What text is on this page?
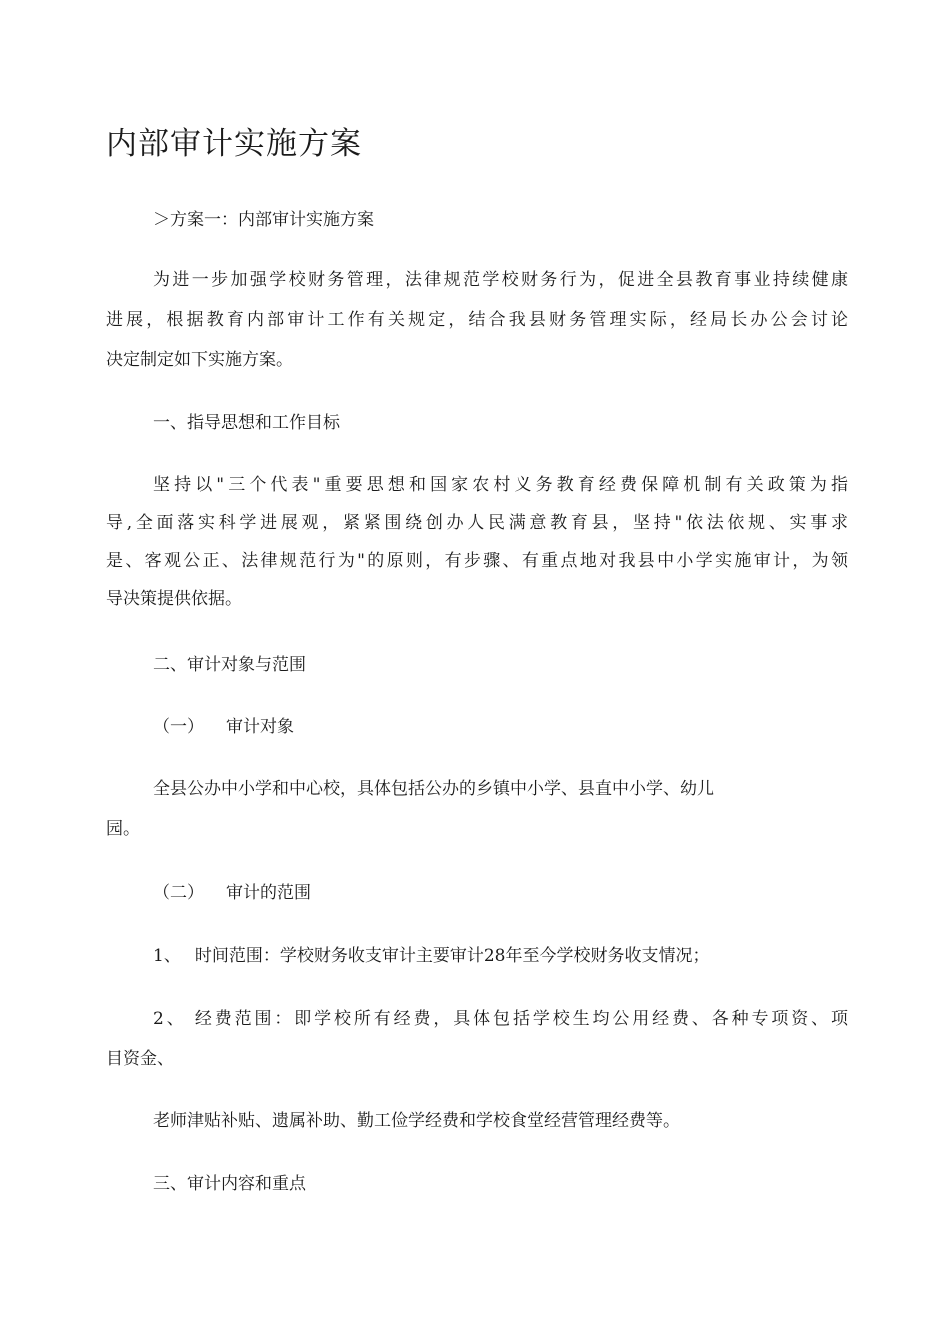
内部审计实施方案
＞方案一：内部审计实施方案
为进一步加强学校财务管理，法律规范学校财务行为，促进全县教育事业持续健康
进展，根据教育内部审计工作有关规定，结合我县财务管理实际，经局长办公会讨论
决定制定如下实施方案。
一、指导思想和工作目标
坚持以"三个代表"重要思想和国家农村义务教育经费保障机制有关政策为指
导,全面落实科学进展观，紧紧围绕创办人民满意教育县，坚持"依法依规、实事求
是、客观公正、法律规范行为"的原则，有步骤、有重点地对我县中小学实施审计，为领
导决策提供依据。
二、审计对象与范围
（一） 审计对象
全县公办中小学和中心校，具体包括公办的乡镇中小学、县直中小学、幼儿
园。
（二） 审计的范围
1、 时间范围：学校财务收支审计主要审计28年至今学校财务收支情况；
2、 经费范围：即学校所有经费，具体包括学校生均公用经费、各种专项资、项
目资金、
老师津贴补贴、遗属补助、勤工俭学经费和学校食堂经营管理经费等。
三、审计内容和重点
